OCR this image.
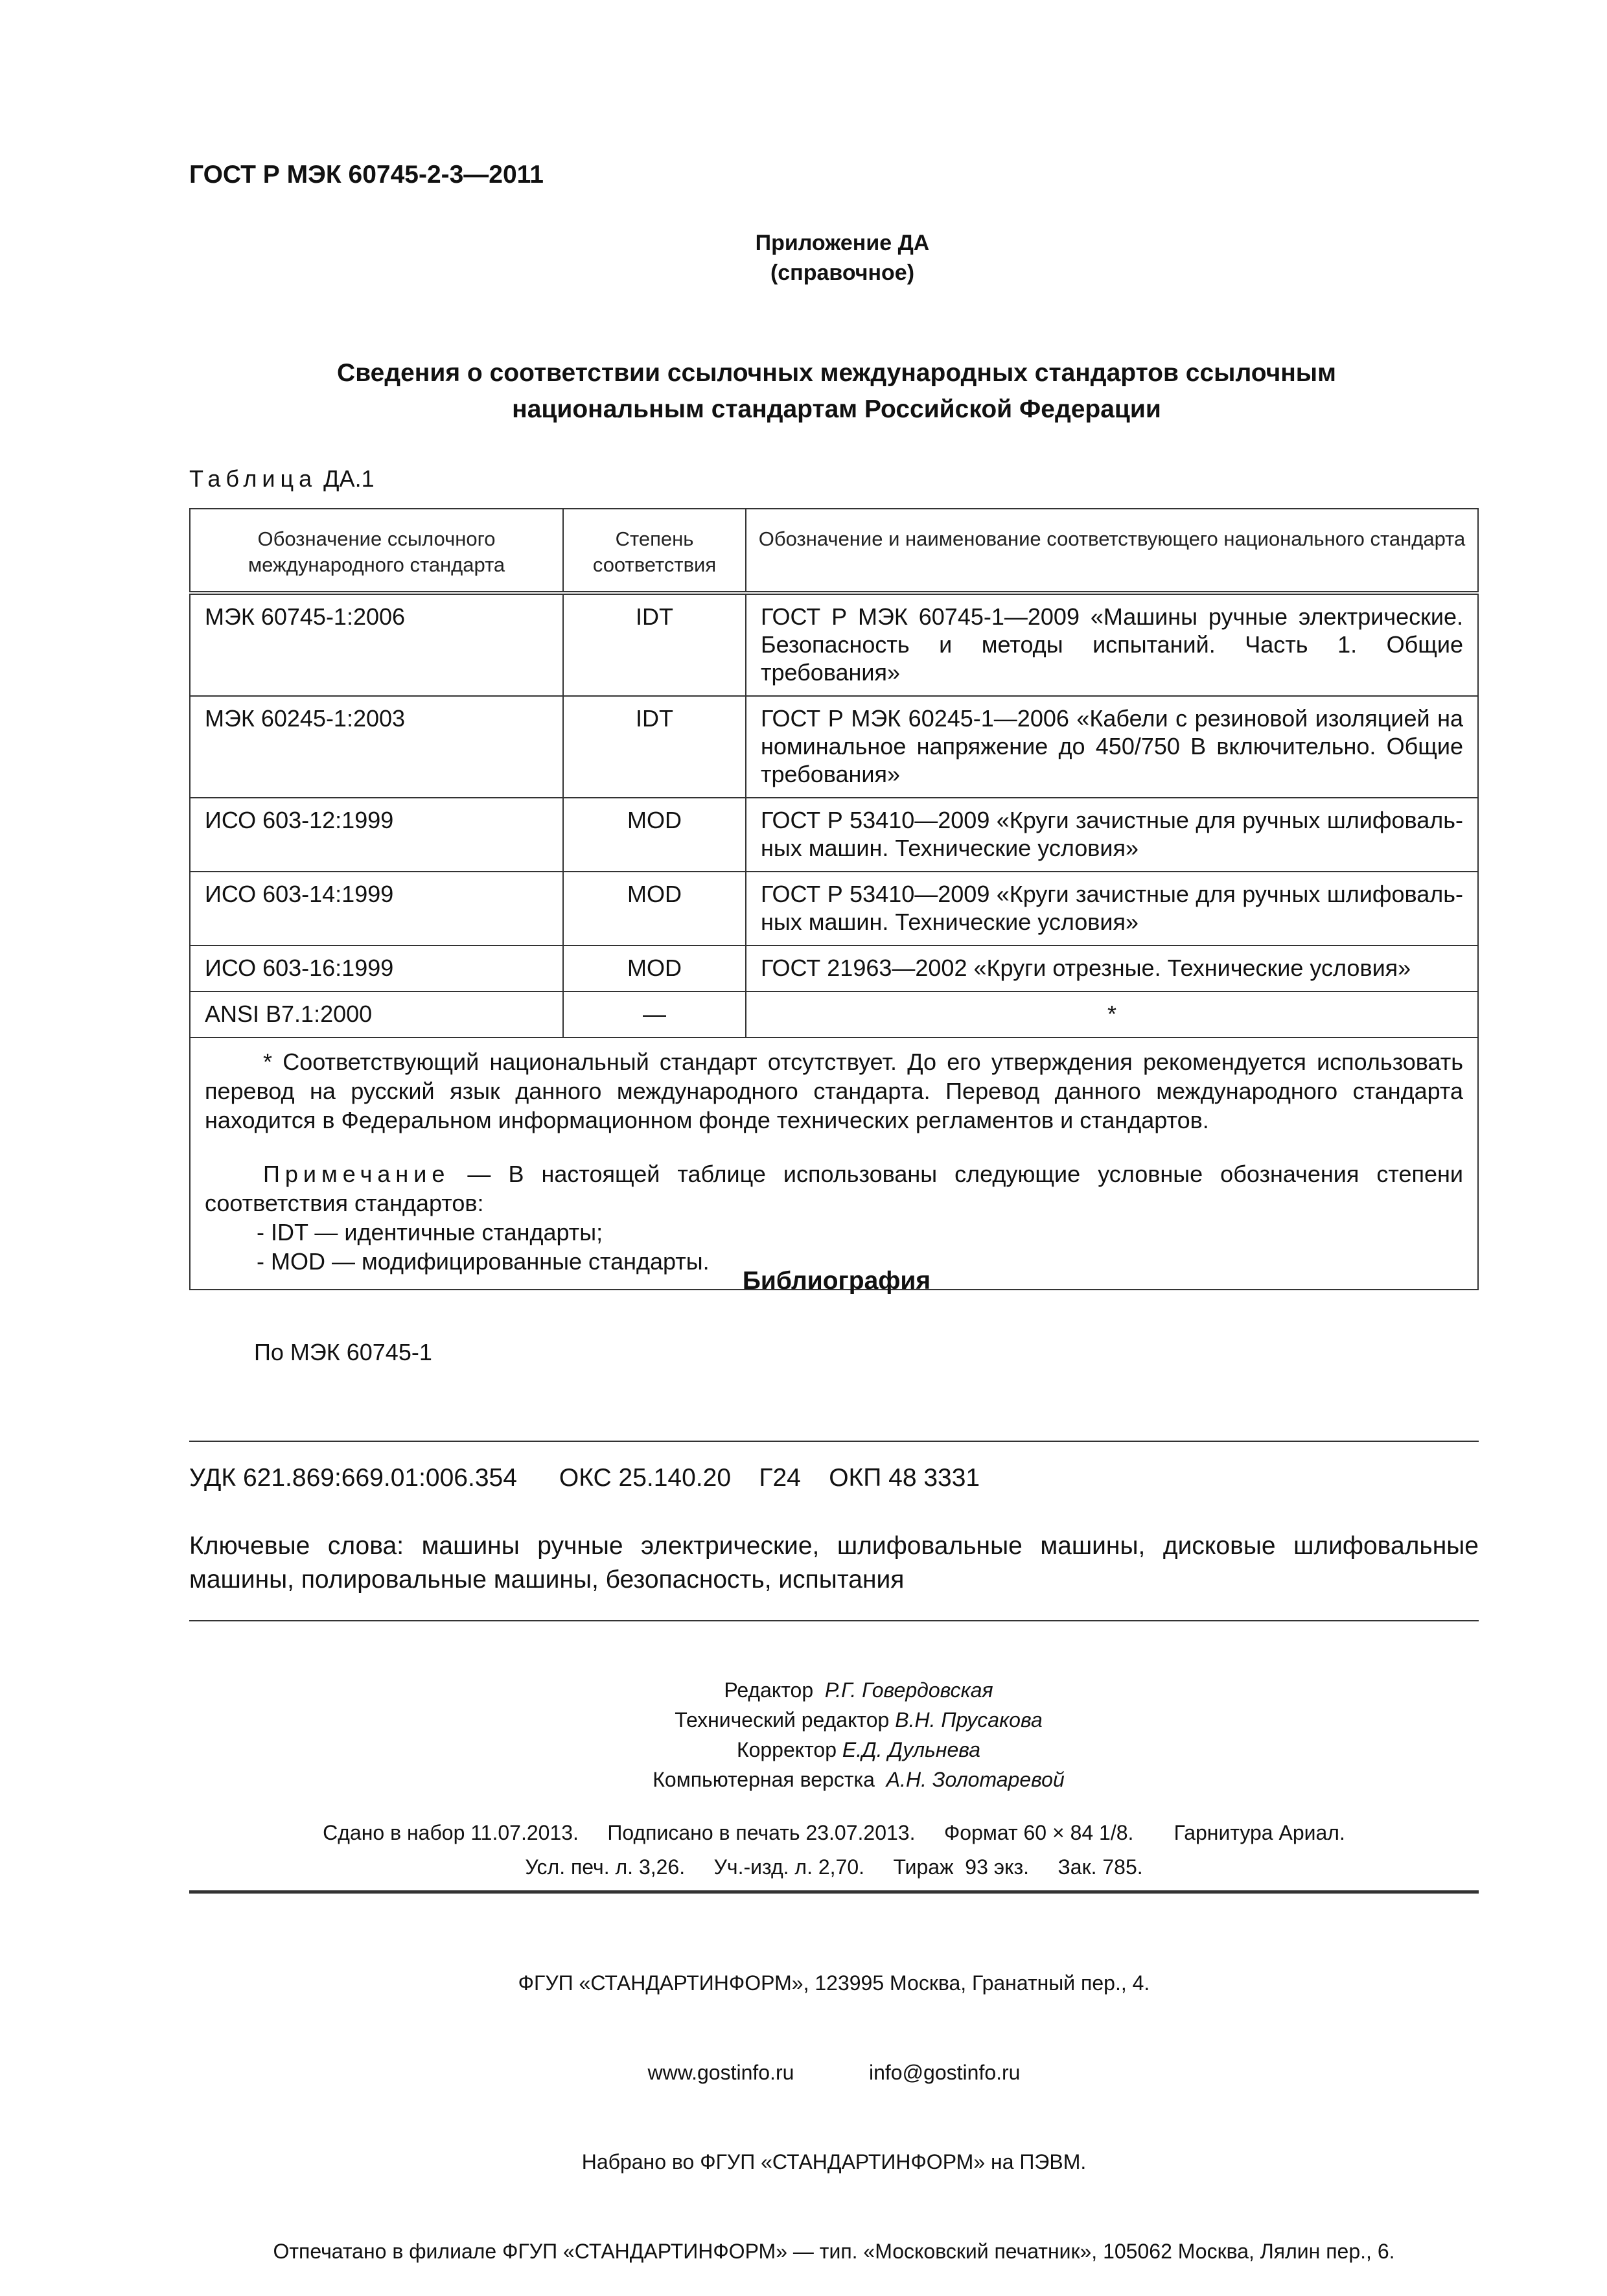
ГОСТ Р МЭК 60745-2-3—2011
Приложение ДА
(справочное)
Сведения о соответствии ссылочных международных стандартов ссылочным
национальным стандартам Российской Федерации
Таблица ДА.1
Обозначение ссылочного международного стандарта	Степень соответствия	Обозначение и наименование соответствующего национального стандарта
МЭК 60745-1:2006	IDT	ГОСТ Р МЭК 60745-1—2009 «Машины ручные электрические. Безопасность и методы испытаний. Часть 1. Общие требования»
МЭК 60245-1:2003	IDT	ГОСТ Р МЭК 60245-1—2006 «Кабели с резиновой изоляцией на номинальное напряжение до 450/750 В включительно. Общие требования»
ИСО 603-12:1999	MOD	ГОСТ Р 53410—2009 «Круги зачистные для ручных шлифовальных машин. Технические условия»
ИСО 603-14:1999	MOD	ГОСТ Р 53410—2009 «Круги зачистные для ручных шлифовальных машин. Технические условия»
ИСО 603-16:1999	MOD	ГОСТ 21963—2002 «Круги отрезные. Технические условия»
ANSI B7.1:2000	—	*

* Соответствующий национальный стандарт отсутствует. До его утверждения рекомендуется использовать перевод на русский язык данного международного стандарта. Перевод данного международного стандарта находится в Федеральном информационном фонде технических регламентов и стандартов.

Примечание — В настоящей таблице использованы следующие условные обозначения степени соответствия стандартов:

- IDT — идентичные стандарты;

- MOD — модифицированные стандарты.		

Библиография
По МЭК 60745-1
УДК 621.869:669.01:006.354      ОКС 25.140.20    Г24    ОКП 48 3331
Ключевые слова: машины ручные электрические, шлифовальные машины, дисковые шлифовальные машины, полировальные машины, безопасность, испытания
Редактор Р.Г. Говердовская
Технический редактор В.Н. Прусакова
Корректор Е.Д. Дульнева
Компьютерная верстка А.Н. Золотаревой
Сдано в набор 11.07.2013.     Подписано в печать 23.07.2013.     Формат 60 × 84 1/8.       Гарнитура Ариал.
Усл. печ. л. 3,26.     Уч.-изд. л. 2,70.     Тираж  93 экз.     Зак. 785.

ФГУП «СТАНДАРТИНФОРМ», 123995 Москва, Гранатный пер., 4.

www.gostinfo.ru             info@gostinfo.ru

Набрано во ФГУП «СТАНДАРТИНФОРМ» на ПЭВМ.

Отпечатано в филиале ФГУП «СТАНДАРТИНФОРМ» — тип. «Московский печатник», 105062 Москва, Лялин пер., 6.
